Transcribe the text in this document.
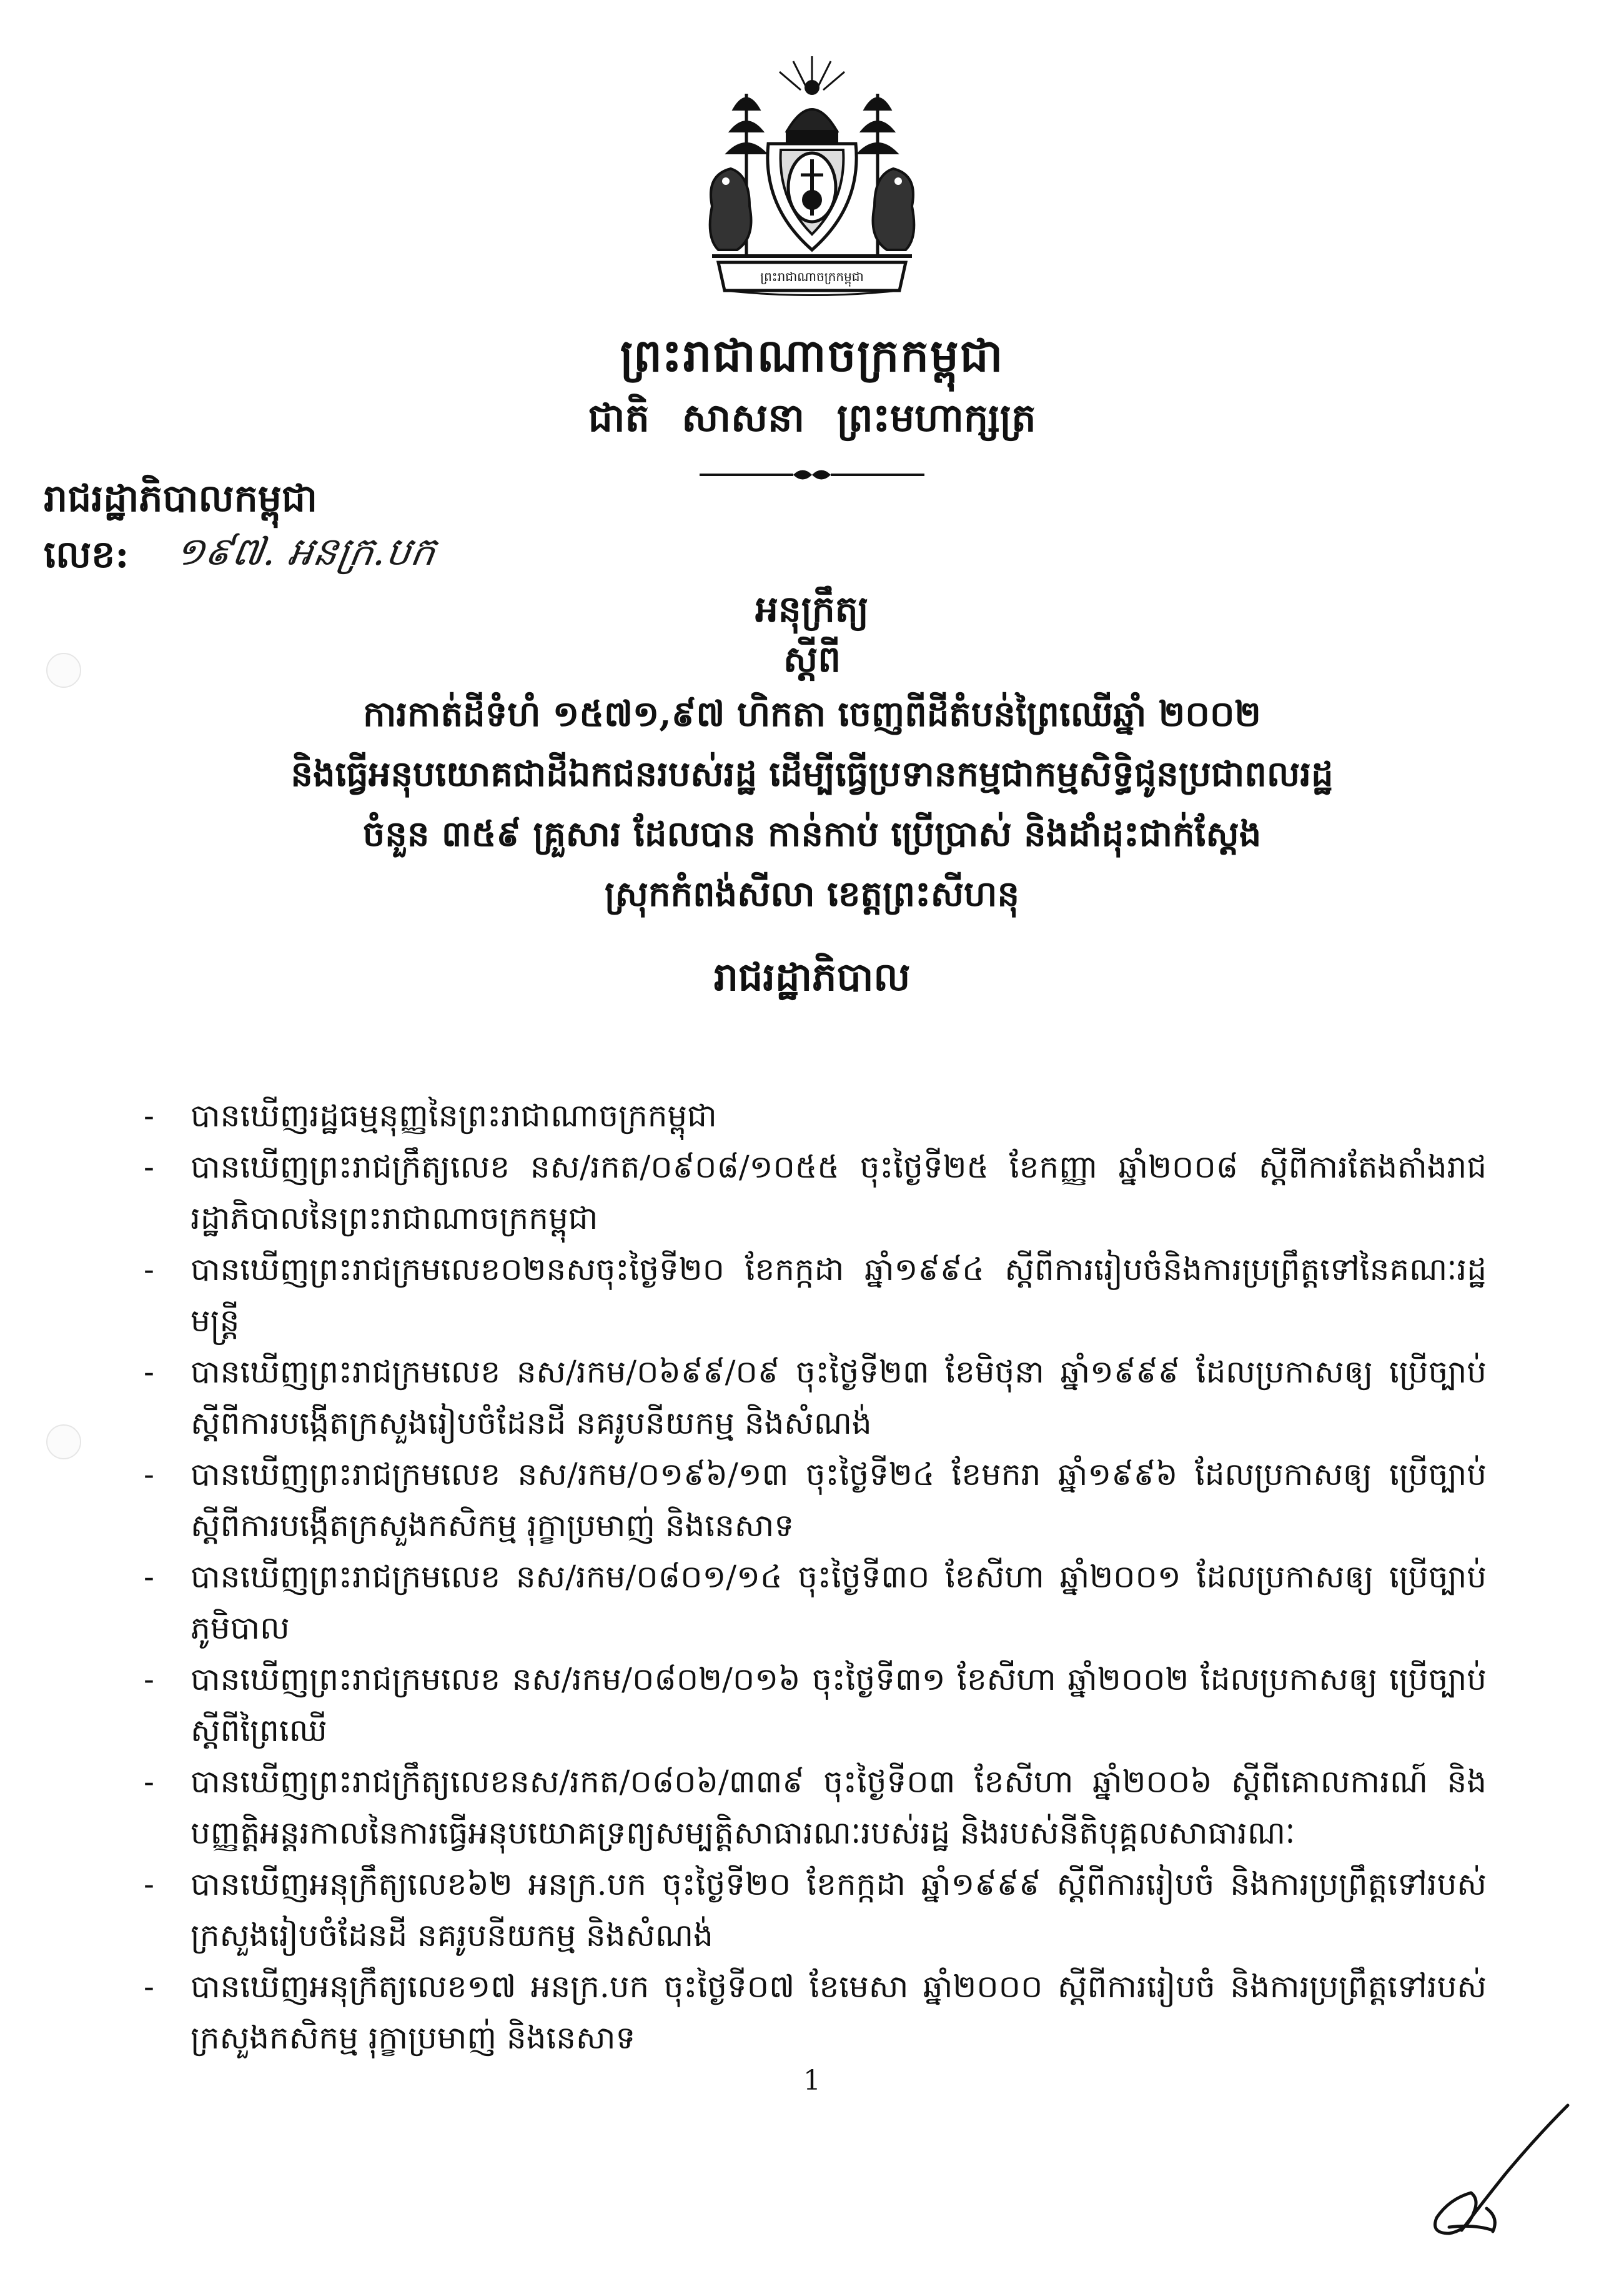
ព្រះរាជាណាចក្រកម្ពុជា
ព្រះរាជាណាចក្រកម្ពុជា
ជាតិ សាសនា ព្រះមហាក្សត្រ
រាជរដ្ឋាភិបាលកម្ពុជា
លេខ: ១៩៧. អនក្រ.បក
អនុក្រឹត្យ
ស្ដីពី
ការកាត់ដីទំហំ ១៥៧១,៩៧ ហិកតា ចេញពីដីតំបន់ព្រៃឈើឆ្នាំ ២០០២
និងធ្វើអនុបយោគជាដីឯកជនរបស់រដ្ឋ ដើម្បីធ្វើប្រទានកម្មជាកម្មសិទ្ធិជូនប្រជាពលរដ្ឋ
ចំនួន ៣៥៩ គ្រួសារ ដែលបាន កាន់កាប់ ប្រើប្រាស់ និងដាំដុះជាក់ស្ដែង
ស្រុកកំពង់សីលា ខេត្តព្រះសីហនុ
រាជរដ្ឋាភិបាល
- បានឃើញរដ្ឋធម្មនុញ្ញនៃព្រះរាជាណាចក្រកម្ពុជា
- បានឃើញព្រះរាជក្រឹត្យលេខ នស/រកត/០៩០៨/១០៥៥ ចុះថ្ងៃទី២៥ ខែកញ្ញា ឆ្នាំ២០០៨ ស្ដីពីការតែងតាំងរាជរដ្ឋាភិបាលនៃព្រះរាជាណាចក្រកម្ពុជា
- បានឃើញព្រះរាជក្រមលេខ០២នសចុះថ្ងៃទី២០ ខែកក្កដា ឆ្នាំ១៩៩៤ ស្ដីពីការរៀបចំនិងការប្រព្រឹត្តទៅនៃគណៈរដ្ឋមន្ត្រី
- បានឃើញព្រះរាជក្រមលេខ នស/រកម/០៦៩៩/០៩ ចុះថ្ងៃទី២៣ ខែមិថុនា ឆ្នាំ១៩៩៩ ដែលប្រកាសឲ្យ ប្រើច្បាប់ស្ដីពីការបង្កើតក្រសួងរៀបចំដែនដី នគរូបនីយកម្ម និងសំណង់
- បានឃើញព្រះរាជក្រមលេខ នស/រកម/០១៩៦/១៣ ចុះថ្ងៃទី២៤ ខែមករា ឆ្នាំ១៩៩៦ ដែលប្រកាសឲ្យ ប្រើច្បាប់ស្ដីពីការបង្កើតក្រសួងកសិកម្ម រុក្ខាប្រមាញ់ និងនេសាទ
- បានឃើញព្រះរាជក្រមលេខ នស/រកម/០៨០១/១៤ ចុះថ្ងៃទី៣០ ខែសីហា ឆ្នាំ២០០១ ដែលប្រកាសឲ្យ ប្រើច្បាប់ភូមិបាល
- បានឃើញព្រះរាជក្រមលេខ នស/រកម/០៨០២/០១៦ ចុះថ្ងៃទី៣១ ខែសីហា ឆ្នាំ២០០២ ដែលប្រកាសឲ្យ ប្រើច្បាប់ស្ដីពីព្រៃឈើ
- បានឃើញព្រះរាជក្រឹត្យលេខនស/រកត/០៨០៦/៣៣៩ ចុះថ្ងៃទី០៣ ខែសីហា ឆ្នាំ២០០៦ ស្ដីពីគោលការណ៍ និងបញ្ញត្តិអន្តរកាលនៃការធ្វើអនុបយោគទ្រព្យសម្បត្តិសាធារណៈរបស់រដ្ឋ និងរបស់នីតិបុគ្គលសាធារណៈ
- បានឃើញអនុក្រឹត្យលេខ៦២ អនក្រ.បក ចុះថ្ងៃទី២០ ខែកក្កដា ឆ្នាំ១៩៩៩ ស្ដីពីការរៀបចំ និងការប្រព្រឹត្តទៅរបស់ក្រសួងរៀបចំដែនដី នគរូបនីយកម្ម និងសំណង់
- បានឃើញអនុក្រឹត្យលេខ១៧ អនក្រ.បក ចុះថ្ងៃទី០៧ ខែមេសា ឆ្នាំ២០០០ ស្ដីពីការរៀបចំ និងការប្រព្រឹត្តទៅរបស់ក្រសួងកសិកម្ម រុក្ខាប្រមាញ់ និងនេសាទ
1
